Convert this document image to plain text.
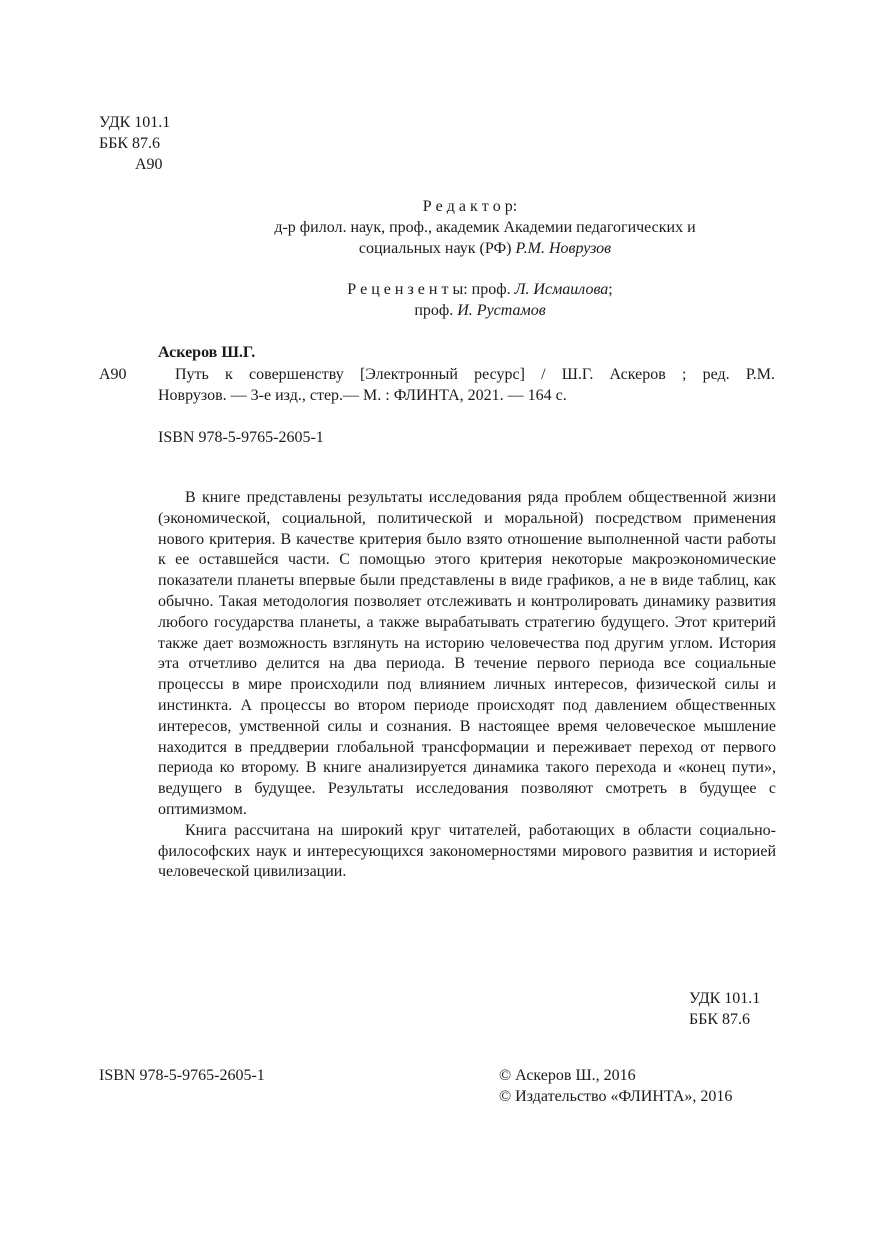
УДК 101.1
ББК 87.6
А90
Р е д а к т о р:
д-р филол. наук, проф., академик Академии педагогических и
социальных наук (РФ) Р.М. Новрузов
Р е ц е н з е н т ы: проф. Л. Исмаилова;
проф. И. Рустамов
Аскеров Ш.Г.
А90	Путь к совершенству [Электронный ресурс] / Ш.Г. Аскеров ; ред. Р.М.
Новрузов. — 3-е изд., стер.— М. : ФЛИНТА, 2021. — 164 с.
ISBN 978-5-9765-2605-1

В книге представлены результаты исследования ряда проблем общественной жизни (экономической, социальной, политической и моральной) посредством применения нового критерия. В качестве критерия было взято отношение выполненной части работы к ее оставшейся части. С помощью этого критерия некоторые макроэкономические показатели планеты впервые были представлены в виде графиков, а не в виде таблиц, как обычно. Такая методология позволяет отслеживать и контролировать динамику развития любого государства планеты, а также вырабатывать стратегию будущего. Этот критерий также дает возможность взглянуть на историю человечества под другим углом. История эта отчетливо делится на два периода. В течение первого периода все социальные процессы в мире происходили под влиянием личных интересов, физической силы и инстинкта. А процессы во втором периоде происходят под давлением общественных интересов, умственной силы и сознания. В настоящее время человеческое мышление находится в преддверии глобальной трансформации и переживает переход от первого периода ко второму. В книге анализируется динамика такого перехода и «конец пути», ведущего в будущее. Результаты исследования позволяют смотреть в будущее с оптимизмом.

Книга рассчитана на широкий круг читателей, работающих в области социально-философских наук и интересующихся закономерностями мирового развития и историей человеческой цивилизации.

УДК 101.1
ББК 87.6
ISBN 978-5-9765-2605-1	© Аскеров Ш., 2016
© Издательство «ФЛИНТА», 2016
